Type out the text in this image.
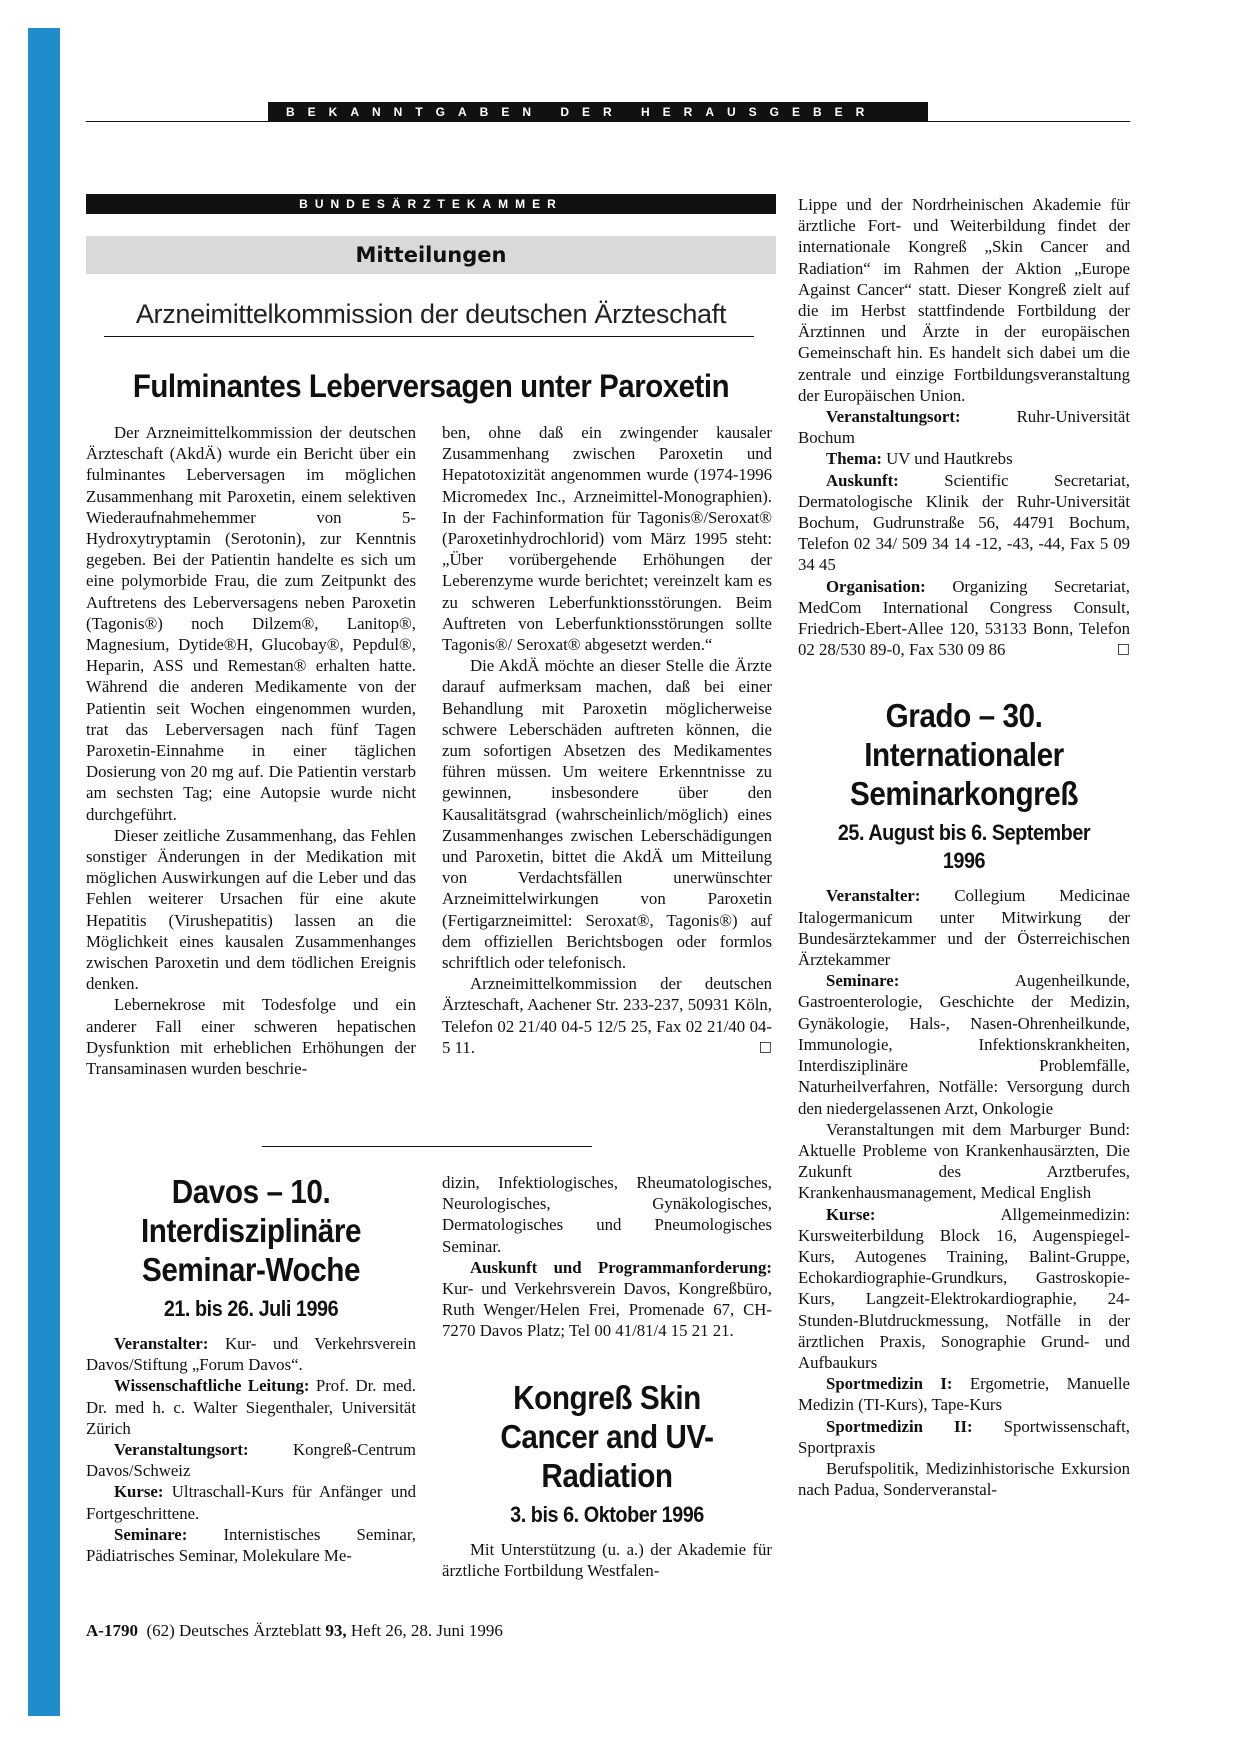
BEKANNTGABEN DER HERAUSGEBER
BUNDESÄRZTEKAMMER
Mitteilungen
Arzneimittelkommission der deutschen Ärzteschaft
Fulminantes Leberversagen unter Paroxetin

Der Arzneimittelkommission der deutschen Ärzteschaft (AkdÄ) wurde ein Bericht über ein fulminantes Leberversagen im möglichen Zusammenhang mit Paroxetin, einem selektiven Wiederaufnahmehemmer von 5-Hydroxytryptamin (Serotonin), zur Kenntnis gegeben. Bei der Patientin handelte es sich um eine polymorbide Frau, die zum Zeitpunkt des Auftretens des Leberversagens neben Paroxetin (Tagonis®) noch Dilzem®, Lanitop®, Magnesium, Dytide®H, Glucobay®, Pepdul®, Heparin, ASS und Remestan® erhalten hatte. Während die anderen Medikamente von der Patientin seit Wochen eingenommen wurden, trat das Leberversagen nach fünf Tagen Paroxetin-Einnahme in einer täglichen Dosierung von 20 mg auf. Die Patientin verstarb am sechsten Tag; eine Autopsie wurde nicht durchgeführt.

Dieser zeitliche Zusammenhang, das Fehlen sonstiger Änderungen in der Medikation mit möglichen Auswirkungen auf die Leber und das Fehlen weiterer Ursachen für eine akute Hepatitis (Virushepatitis) lassen an die Möglichkeit eines kausalen Zusammenhanges zwischen Paroxetin und dem tödlichen Ereignis denken.

Lebernekrose mit Todesfolge und ein anderer Fall einer schweren hepatischen Dysfunktion mit erheblichen Erhöhungen der Transaminasen wurden beschrie-

ben, ohne daß ein zwingender kausaler Zusammenhang zwischen Paroxetin und Hepatotoxizität angenommen wurde (1974-1996 Micromedex Inc., Arzneimittel-Monographien). In der Fachinformation für Tagonis®/Seroxat® (Paroxetinhydrochlorid) vom März 1995 steht: „Über vorübergehende Erhöhungen der Leberenzyme wurde berichtet; vereinzelt kam es zu schweren Leberfunktionsstörungen. Beim Auftreten von Leberfunktionsstörungen sollte Tagonis®/ Seroxat® abgesetzt werden.“

Die AkdÄ möchte an dieser Stelle die Ärzte darauf aufmerksam machen, daß bei einer Behandlung mit Paroxetin möglicherweise schwere Leberschäden auftreten können, die zum sofortigen Absetzen des Medikamentes führen müssen. Um weitere Erkenntnisse zu gewinnen, insbesondere über den Kausalitätsgrad (wahrscheinlich/möglich) eines Zusammenhanges zwischen Leberschädigungen und Paroxetin, bittet die AkdÄ um Mitteilung von Verdachtsfällen unerwünschter Arzneimittelwirkungen von Paroxetin (Fertigarzneimittel: Seroxat®, Tagonis®) auf dem offiziellen Berichtsbogen oder formlos schriftlich oder telefonisch.

Arzneimittelkommission der deutschen Ärzteschaft, Aachener Str. 233-237, 50931 Köln, Telefon 02 21/40 04-5 12/5 25, Fax 02 21/40 04-5 11.	□

Lippe und der Nordrheinischen Akademie für ärztliche Fort- und Weiterbildung findet der internationale Kongreß „Skin Cancer and Radiation“ im Rahmen der Aktion „Europe Against Cancer“ statt. Dieser Kongreß zielt auf die im Herbst stattfindende Fortbildung der Ärztinnen und Ärzte in der europäischen Gemeinschaft hin. Es handelt sich dabei um die zentrale und einzige Fortbildungsveranstaltung der Europäischen Union.

Veranstaltungsort:	Ruhr-Universität Bochum

Thema: UV und Hautkrebs

Auskunft:	Scientific Secretariat, Dermatologische Klinik der Ruhr-Universität Bochum, Gudrunstraße 56, 44791 Bochum, Telefon 02 34/ 509 34 14 -12, -43, -44, Fax 5 09 34 45

Organisation: Organizing Secretariat, MedCom International Congress Consult, Friedrich-Ebert-Allee 120, 53133 Bonn, Telefon 02 28/530 89-0, Fax 530 09 86	□

Grado – 30. Internationaler Seminarkongreß
25. August bis 6. September 1996

Veranstalter: Collegium Medicinae Italogermanicum unter Mitwirkung der Bundesärztekammer und der Österreichischen Ärztekammer

Seminare:	Augenheilkunde, Gastroenterologie, Geschichte der Medizin, Gynäkologie, Hals-, Nasen-Ohrenheilkunde, Immunologie, Infektionskrankheiten, Interdisziplinäre Problemfälle, Naturheilverfahren, Notfälle: Versorgung durch den niedergelassenen Arzt, Onkologie

Veranstaltungen mit dem Marburger Bund: Aktuelle Probleme von Krankenhausärzten, Die Zukunft des Arztberufes, Krankenhausmanagement, Medical English

Kurse:	Allgemeinmedizin: Kursweiterbildung Block 16, Augenspiegel-Kurs, Autogenes Training, Balint-Gruppe, Echokardiographie-Grundkurs, Gastroskopie-Kurs, Langzeit-Elektrokardiographie, 24-Stunden-Blutdruckmessung, Notfälle in der ärztlichen Praxis, Sonographie Grund- und Aufbaukurs

Sportmedizin I: Ergometrie, Manuelle Medizin (TI-Kurs), Tape-Kurs

Sportmedizin II: Sportwissenschaft, Sportpraxis

Berufspolitik, Medizinhistorische Exkursion nach Padua, Sonderveranstal-

Davos – 10. Interdisziplinäre Seminar-Woche
21. bis 26. Juli 1996

Veranstalter: Kur- und Verkehrsverein Davos/Stiftung „Forum Davos“.

Wissenschaftliche Leitung: Prof. Dr. med. Dr. med h. c. Walter Siegenthaler, Universität Zürich

Veranstaltungsort:	Kongreß-Centrum Davos/Schweiz

Kurse: Ultraschall-Kurs für Anfänger und Fortgeschrittene.

Seminare: Internistisches Seminar, Pädiatrisches Seminar, Molekulare Me-

dizin, Infektiologisches, Rheumatologisches, Neurologisches, Gynäkologisches, Dermatologisches und Pneumologisches Seminar.

Auskunft und Programmanforderung: Kur- und Verkehrsverein Davos, Kongreßbüro, Ruth Wenger/Helen Frei, Promenade 67, CH-7270 Davos Platz; Tel 00 41/81/4 15 21 21.

Kongreß Skin Cancer and UV-Radiation
3. bis 6. Oktober 1996

Mit Unterstützung (u. a.) der Akademie für ärztliche Fortbildung Westfalen-

A-1790 (62) Deutsches Ärzteblatt 93, Heft 26, 28. Juni 1996
